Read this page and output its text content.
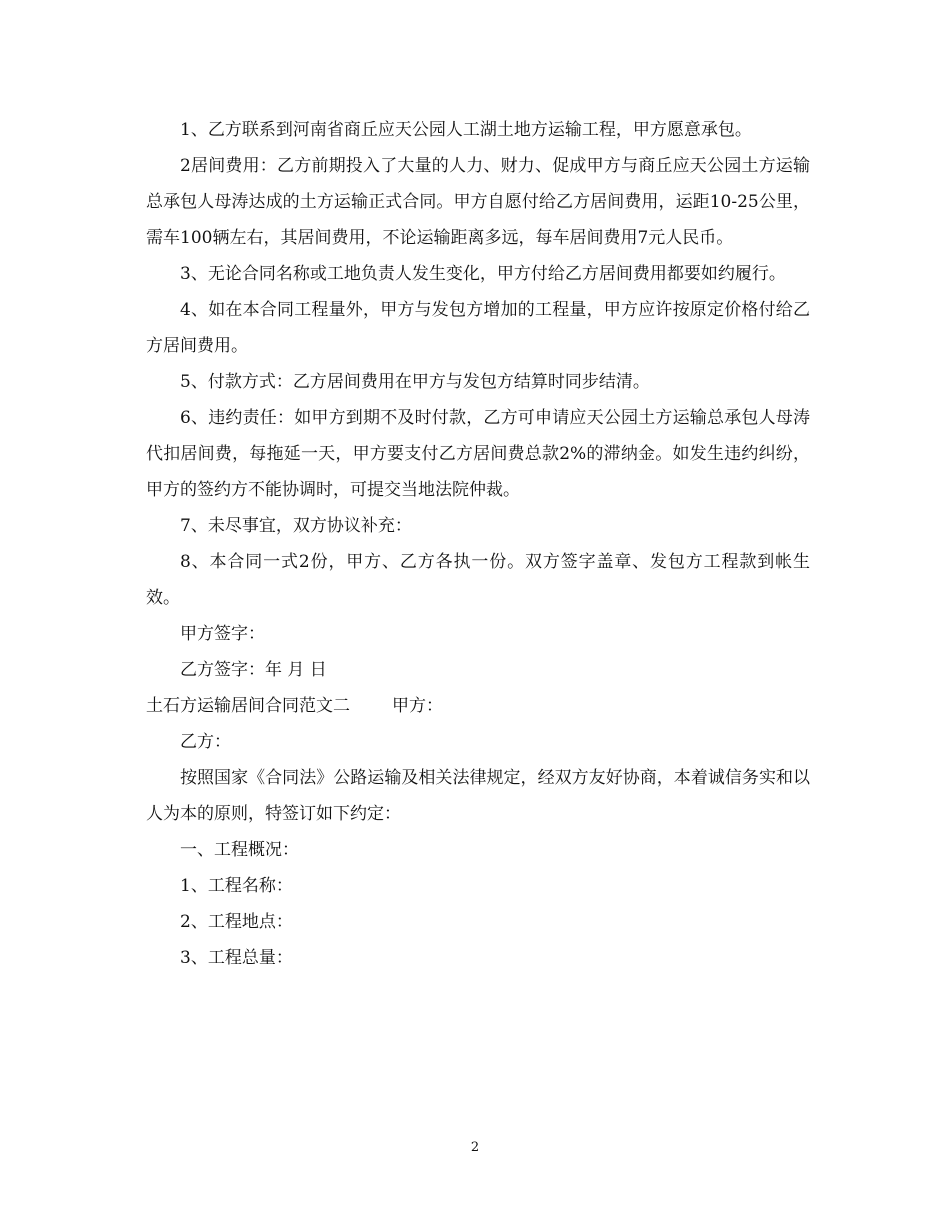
1、乙方联系到河南省商丘应天公园人工湖土地方运输工程，甲方愿意承包。

2居间费用：乙方前期投入了大量的人力、财力、促成甲方与商丘应天公园土方运输总承包人母涛达成的土方运输正式合同。甲方自愿付给乙方居间费用，运距10-25公里，需车100辆左右，其居间费用，不论运输距离多远，每车居间费用7元人民币。

3、无论合同名称或工地负责人发生变化，甲方付给乙方居间费用都要如约履行。

4、如在本合同工程量外，甲方与发包方增加的工程量，甲方应许按原定价格付给乙方居间费用。

5、付款方式：乙方居间费用在甲方与发包方结算时同步结清。

6、违约责任：如甲方到期不及时付款，乙方可申请应天公园土方运输总承包人母涛代扣居间费，每拖延一天，甲方要支付乙方居间费总款2%的滞纳金。如发生违约纠纷，甲方的签约方不能协调时，可提交当地法院仲裁。

7、未尽事宜，双方协议补充：

8、本合同一式2份，甲方、乙方各执一份。双方签字盖章、发包方工程款到帐生效。

甲方签字：

乙方签字：年 月 日

土石方运输居间合同范文二 甲方：

乙方：

按照国家《合同法》公路运输及相关法律规定，经双方友好协商，本着诚信务实和以人为本的原则，特签订如下约定：

一、工程概况：

1、工程名称：

2、工程地点：

3、工程总量：

2
